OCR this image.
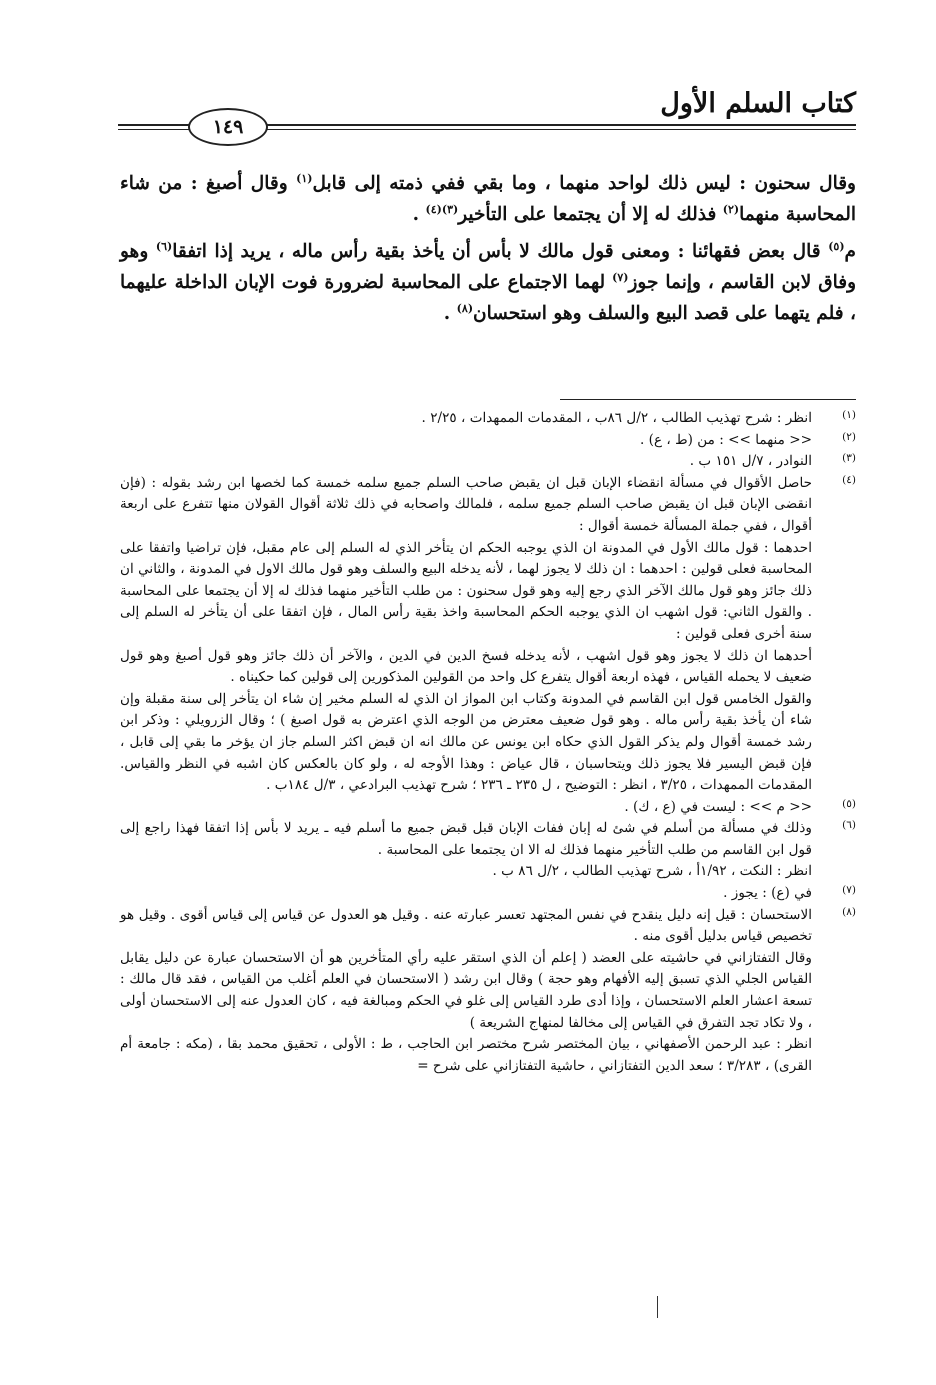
كتاب السلم الأول
١٤٩

وقال سحنون : ليس ذلك لواحد منهما ، وما بقي ففي ذمته إلى قابل$^{(١)}$ وقال أصبغ : من شاء المحاسبة منهما$^{(٢)}$ فذلك له إلا أن يجتمعا على التأخير$^{(٣)(٤)}$ .

م$^{(٥)}$ قال بعض فقهائنا : ومعنى قول مالك لا بأس أن يأخذ بقية رأس ماله ، يريد إذا اتفقا$^{(٦)}$ وهو وفاق لابن القاسم ، وإنما جوز$^{(٧)}$ لهما الاجتماع على المحاسبة لضرورة فوت الإبان الداخلة عليهما ، فلم يتهما على قصد البيع والسلف وهو استحسان$^{(٨)}$ .

(١)

انظر : شرح تهذيب الطالب ، ٢/ل ٨٦ب ، المقدمات الممهدات ، ٢/٢٥ .

(٢)

<< منهما >> : من (ط ، ع) .

(٣)

النوادر ، ٧/ل ١٥١ ب .

(٤)

حاصل الأقوال في مسألة انقضاء الإبان قبل ان يقبض صاحب السلم جميع سلمه خمسة كما لخصها ابن رشد بقوله : (فإن انقضى الإبان قبل ان يقبض صاحب السلم جميع سلمه ، فلمالك واصحابه في ذلك ثلاثة أقوال القولان منها تتفرع على اربعة أقوال ، ففي جملة المسألة خمسة أقوال :

احدهما : قول مالك الأول في المدونة ان الذي يوجبه الحكم ان يتأخر الذي له السلم إلى عام مقبل، فإن تراضيا واتفقا على المحاسبة فعلى قولين : احدهما : ان ذلك لا يجوز لهما ، لأنه يدخله البيع والسلف وهو قول مالك الاول في المدونة ، والثاني ان ذلك جائز وهو قول مالك الآخر الذي رجع إليه وهو قول سحنون : من طلب التأخير منهما فذلك له إلا أن يجتمعا على المحاسبة . والقول الثاني: قول اشهب ان الذي يوجبه الحكم المحاسبة واخذ بقية رأس المال ، فإن اتفقا على أن يتأخر له السلم إلى سنة أخرى فعلى قولين :

أحدهما ان ذلك لا يجوز وهو قول اشهب ، لأنه يدخله فسخ الدين في الدين ، والآخر أن ذلك جائز وهو قول أصبغ وهو قول ضعيف لا يحمله القياس ، فهذه اربعة أقوال يتفرع كل واحد من القولين المذكورين إلى قولين كما حكيناه .

والقول الخامس قول ابن القاسم في المدونة وكتاب ابن المواز ان الذي له السلم مخير إن شاء ان يتأخر إلى سنة مقبلة وإن شاء أن يأخذ بقية رأس ماله . وهو قول ضعيف معترض من الوجه الذي اعترض به قول اصبغ ) ؛ وقال الزرويلي : وذكر ابن رشد خمسة أقوال ولم يذكر القول الذي حكاه ابن يونس عن مالك انه ان قبض اكثر السلم جاز ان يؤخر ما بقي إلى قابل ، فإن قبض اليسير فلا يجوز ذلك ويتحاسبان ، قال عياض : وهذا الأوجه له ، ولو كان بالعكس كان اشبه في النظر والقياس. المقدمات الممهدات ، ٣/٢٥ ، انظر : التوضيح ، ل ٢٣٥ ـ ٢٣٦ ؛ شرح تهذيب البرادعي ، ٣/ل ١٨٤ب .

(٥)

<< م >> : ليست في (ع ، ك) .

(٦)

وذلك في مسألة من أسلم في شئ له إبان ففات الإبان قبل قبض جميع ما أسلم فيه ـ يريد لا بأس إذا اتفقا فهذا راجع إلى قول ابن القاسم من طلب التأخير منهما فذلك له الا ان يجتمعا على المحاسبة .

انظر : النكت ، ١/٩٢أ ، شرح تهذيب الطالب ، ٢/ل ٨٦ ب .

(٧)

في (ع) : يجوز .

(٨)

الاستحسان : قيل إنه دليل ينقدح في نفس المجتهد تعسر عبارته عنه . وقيل هو العدول عن قياس إلى قياس أقوى . وقيل هو تخصيص قياس بدليل أقوى منه .

وقال التفتازاني في حاشيته على العضد ( إعلم أن الذي استقر عليه رأي المتأخرين هو أن الاستحسان عبارة عن دليل يقابل القياس الجلي الذي تسبق إليه الأفهام وهو حجة ) وقال ابن رشد ( الاستحسان في العلم أغلب من القياس ، فقد قال مالك : تسعة اعشار العلم الاستحسان ، وإذا أدى طرد القياس إلى غلو في الحكم ومبالغة فيه ، كان العدول عنه إلى الاستحسان أولى ، ولا تكاد تجد التفرق في القياس إلى مخالفا لمنهاج الشريعة )

انظر : عبد الرحمن الأصفهاني ، بيان المختصر شرح مختصر ابن الحاجب ، ط : الأولى ، تحقيق محمد بقا ، (مكه : جامعة أم القرى) ، ٣/٢٨٣ ؛ سعد الدين التفتازاني ، حاشية التفتازاني على شرح =
